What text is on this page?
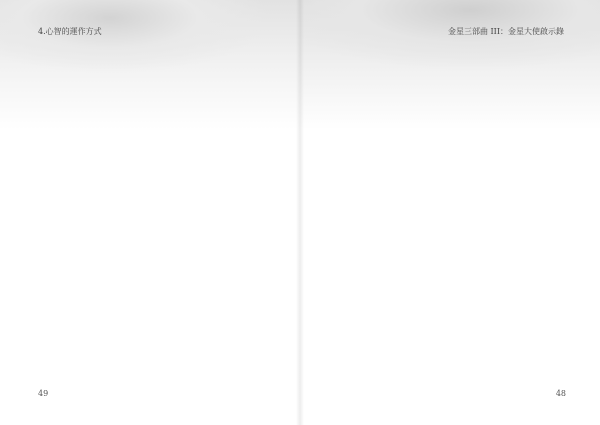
4.心智的運作方式
49
金星三部曲 III：金星大使啟示錄
48
